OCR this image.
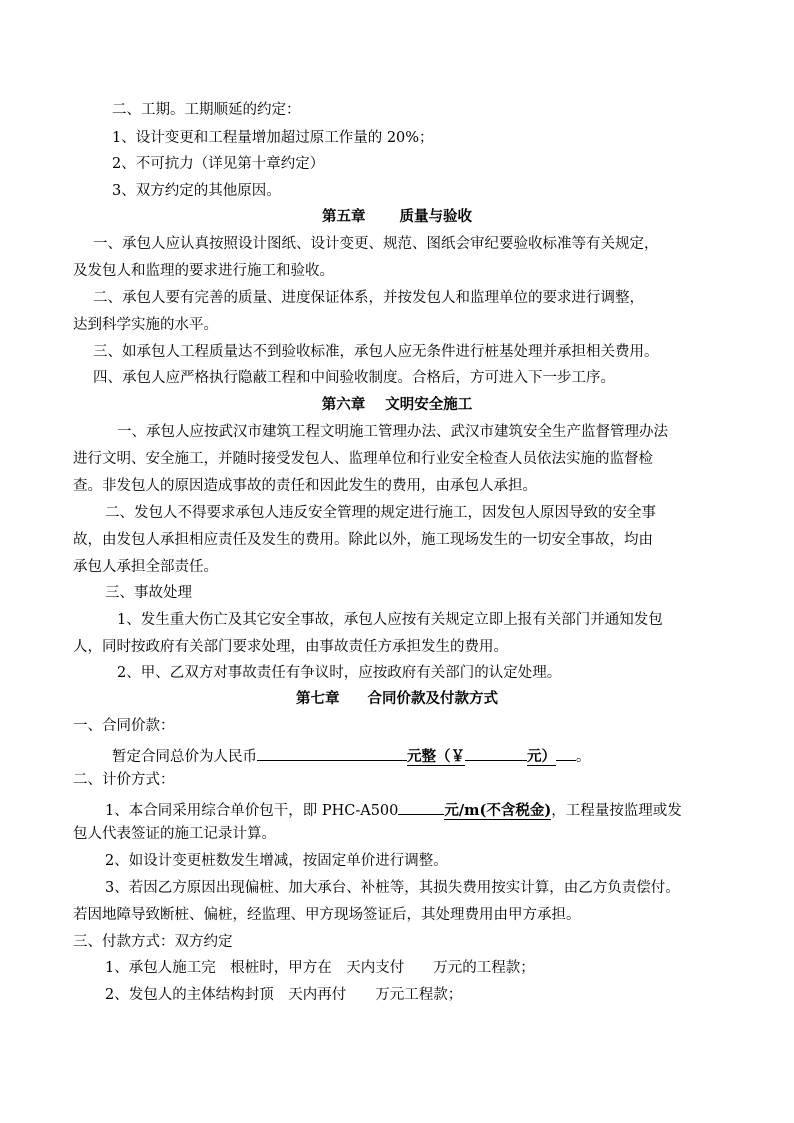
二、工期。工期顺延的约定：
1、设计变更和工程量增加超过原工作量的 20%；
2、不可抗力（详见第十章约定）
3、双方约定的其他原因。
第五章 质量与验收
一、承包人应认真按照设计图纸、设计变更、规范、图纸会审纪要验收标准等有关规定，
及发包人和监理的要求进行施工和验收。
二、承包人要有完善的质量、进度保证体系，并按发包人和监理单位的要求进行调整，
达到科学实施的水平。
三、如承包人工程质量达不到验收标准，承包人应无条件进行桩基处理并承担相关费用。
四、承包人应严格执行隐蔽工程和中间验收制度。合格后，方可进入下一步工序。
第六章 文明安全施工
一、承包人应按武汉市建筑工程文明施工管理办法、武汉市建筑安全生产监督管理办法
进行文明、安全施工，并随时接受发包人、监理单位和行业安全检查人员依法实施的监督检
查。非发包人的原因造成事故的责任和因此发生的费用，由承包人承担。
二、发包人不得要求承包人违反安全管理的规定进行施工，因发包人原因导致的安全事
故，由发包人承担相应责任及发生的费用。除此以外，施工现场发生的一切安全事故，均由
承包人承担全部责任。
三、事故处理
1、发生重大伤亡及其它安全事故，承包人应按有关规定立即上报有关部门并通知发包
人，同时按政府有关部门要求处理，由事故责任方承担发生的费用。
2、甲、乙双方对事故责任有争议时，应按政府有关部门的认定处理。
第七章 合同价款及付款方式
一、合同价款：
暂定合同总价为人民币	元整（￥	元） 。
二、计价方式：
1、本合同采用综合单价包干，即 PHC-A500	元/m(不含税金)，工程量按监理或发
包人代表签证的施工记录计算。
2、如设计变更桩数发生增减，按固定单价进行调整。
3、若因乙方原因出现偏桩、加大承台、补桩等，其损失费用按实计算，由乙方负责偿付。
若因地障导致断桩、偏桩，经监理、甲方现场签证后，其处理费用由甲方承担。
三、付款方式：双方约定
1、承包人施工完　根桩时，甲方在　天内支付　　万元的工程款；
2、发包人的主体结构封顶　天内再付　　万元工程款；
